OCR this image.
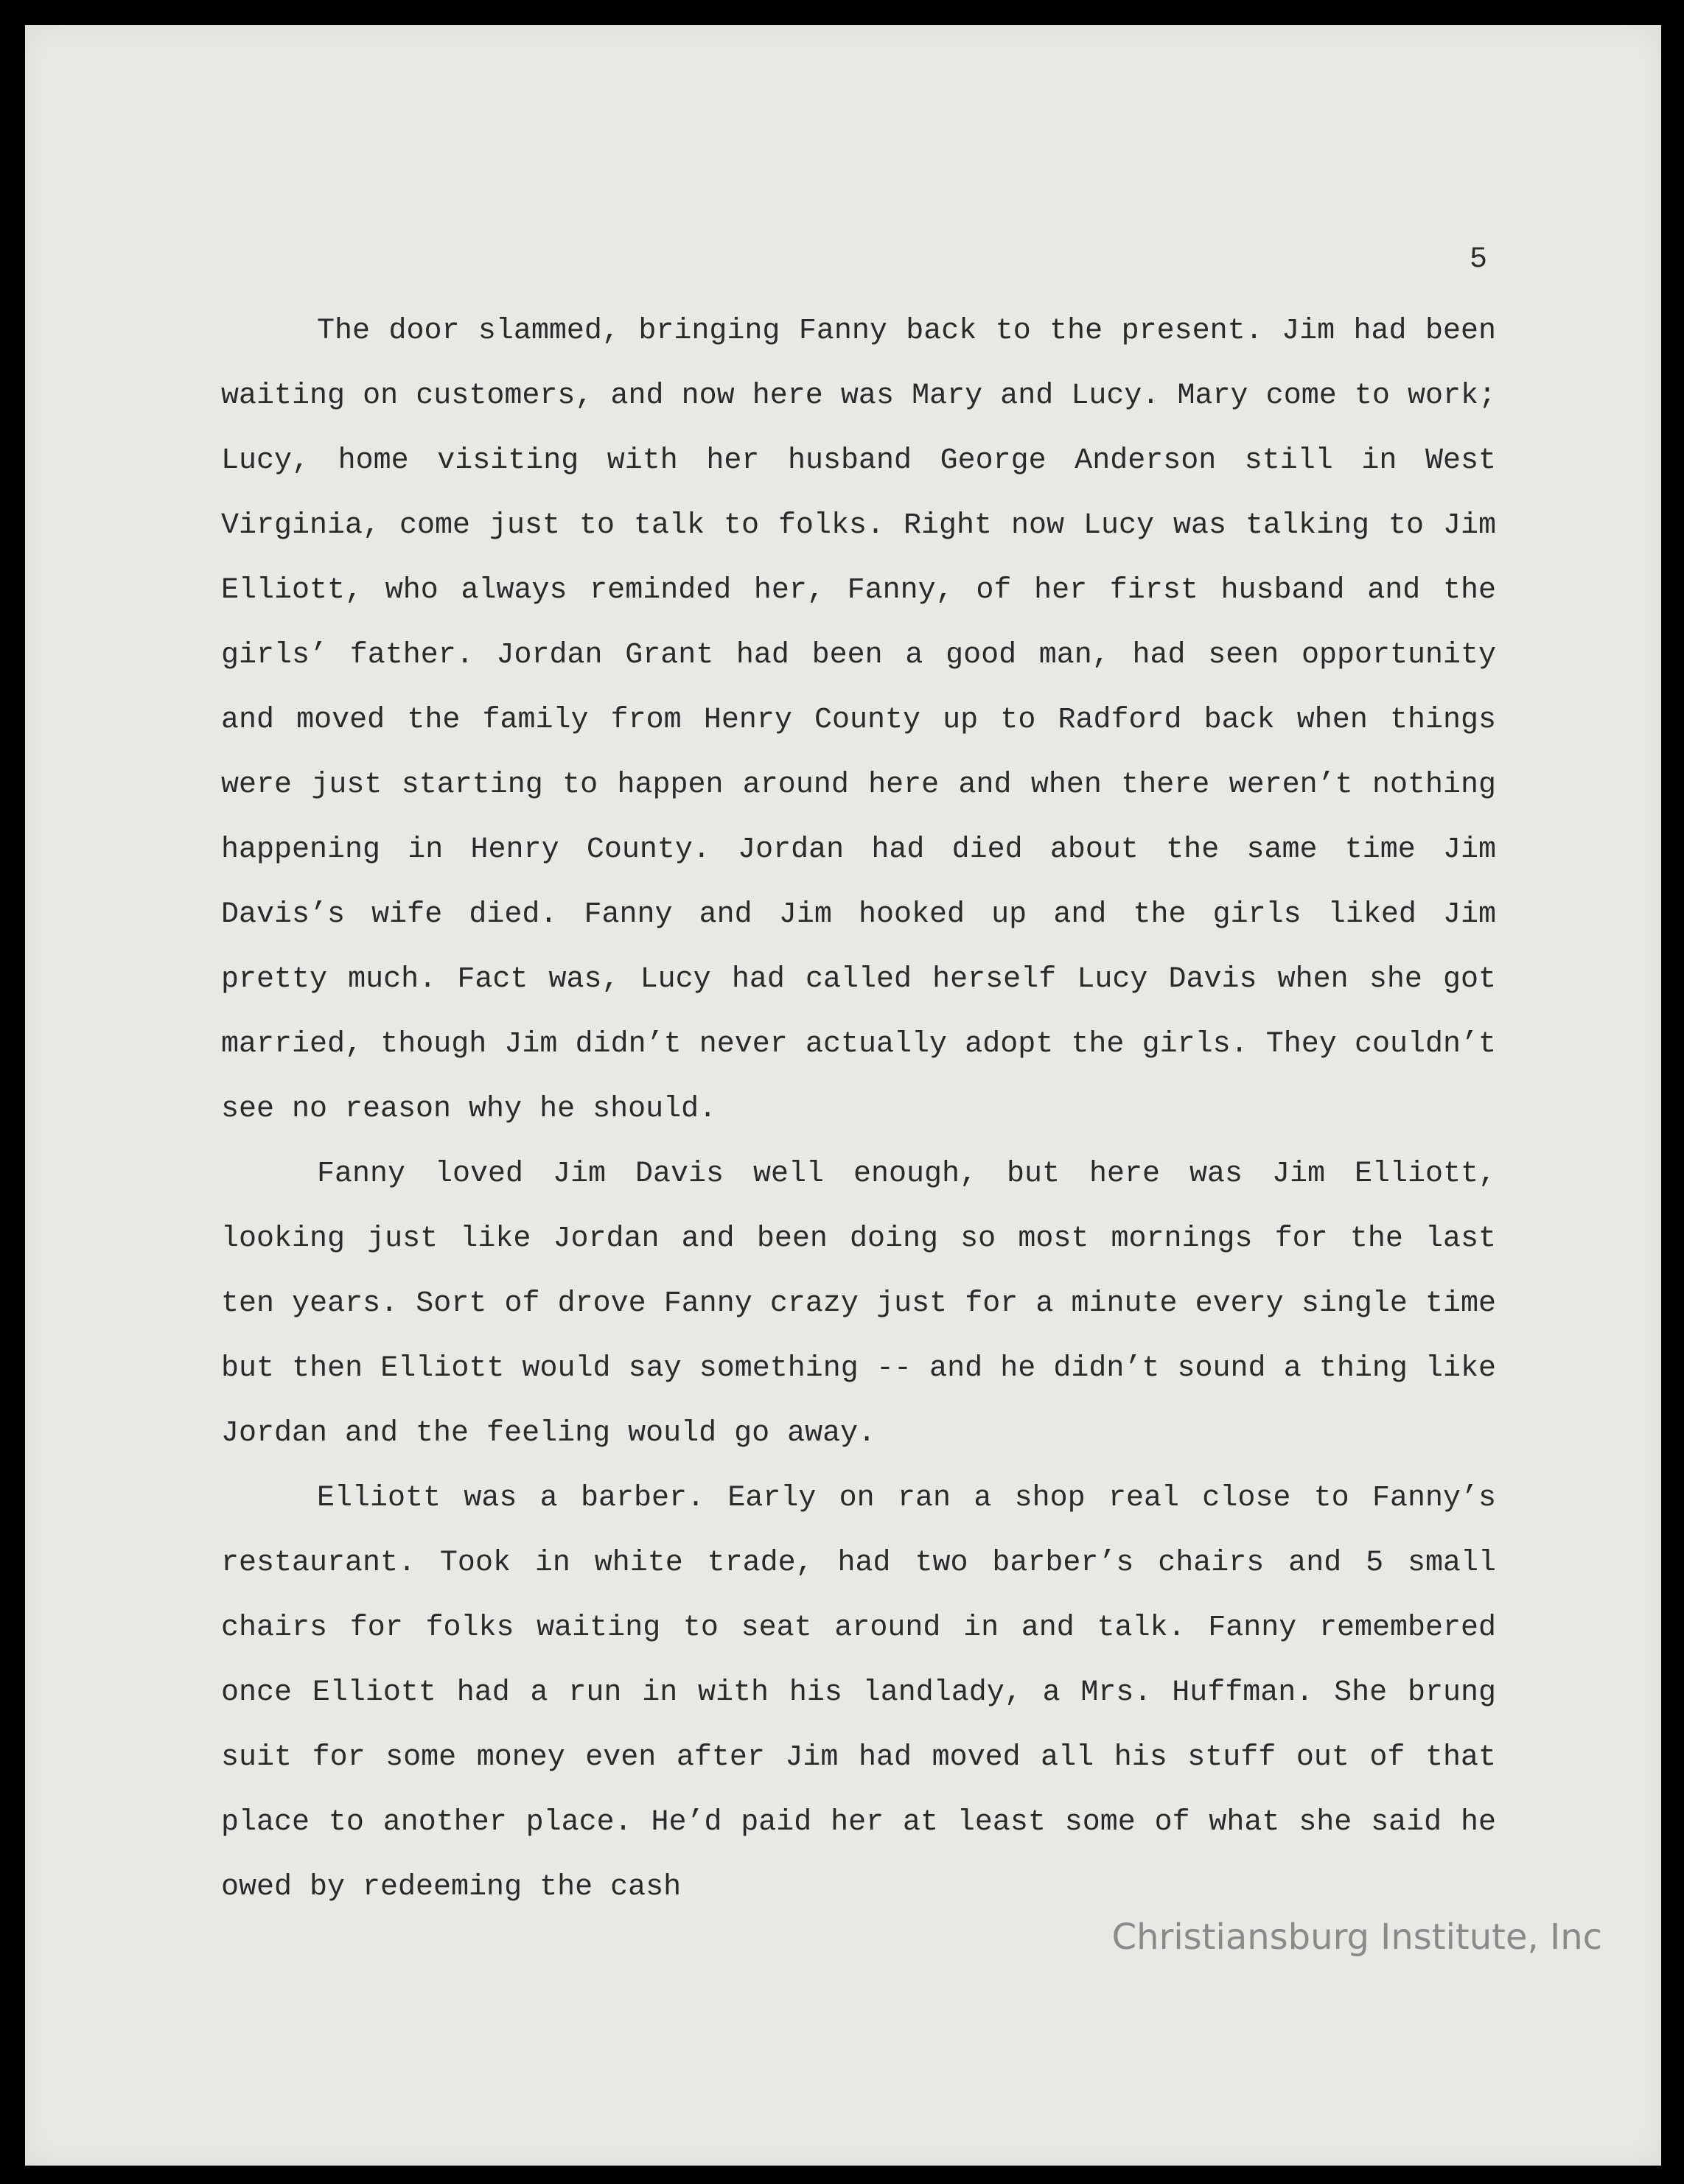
5

The door slammed, bringing Fanny back to the present. Jim had been waiting on customers, and now here was Mary and Lucy. Mary come to work; Lucy, home visiting with her husband George Anderson still in West Virginia, come just to talk to folks. Right now Lucy was talking to Jim Elliott, who always reminded her, Fanny, of her first husband and the girls’ father. Jordan Grant had been a good man, had seen opportunity and moved the family from Henry County up to Radford back when things were just starting to happen around here and when there weren’t nothing happening in Henry County. Jordan had died about the same time Jim Davis’s wife died. Fanny and Jim hooked up and the girls liked Jim pretty much. Fact was, Lucy had called herself Lucy Davis when she got married, though Jim didn’t never actually adopt the girls. They couldn’t see no reason why he should.

Fanny loved Jim Davis well enough, but here was Jim Elliott, looking just like Jordan and been doing so most mornings for the last ten years. Sort of drove Fanny crazy just for a minute every single time but then Elliott would say something -- and he didn’t sound a thing like Jordan and the feeling would go away.

Elliott was a barber. Early on ran a shop real close to Fanny’s restaurant. Took in white trade, had two barber’s chairs and 5 small chairs for folks waiting to seat around in and talk. Fanny remembered once Elliott had a run in with his landlady, a Mrs. Huffman. She brung suit for some money even after Jim had moved all his stuff out of that place to another place. He’d paid her at least some of what she said he owed by redeeming the cash

Christiansburg Institute, Inc
